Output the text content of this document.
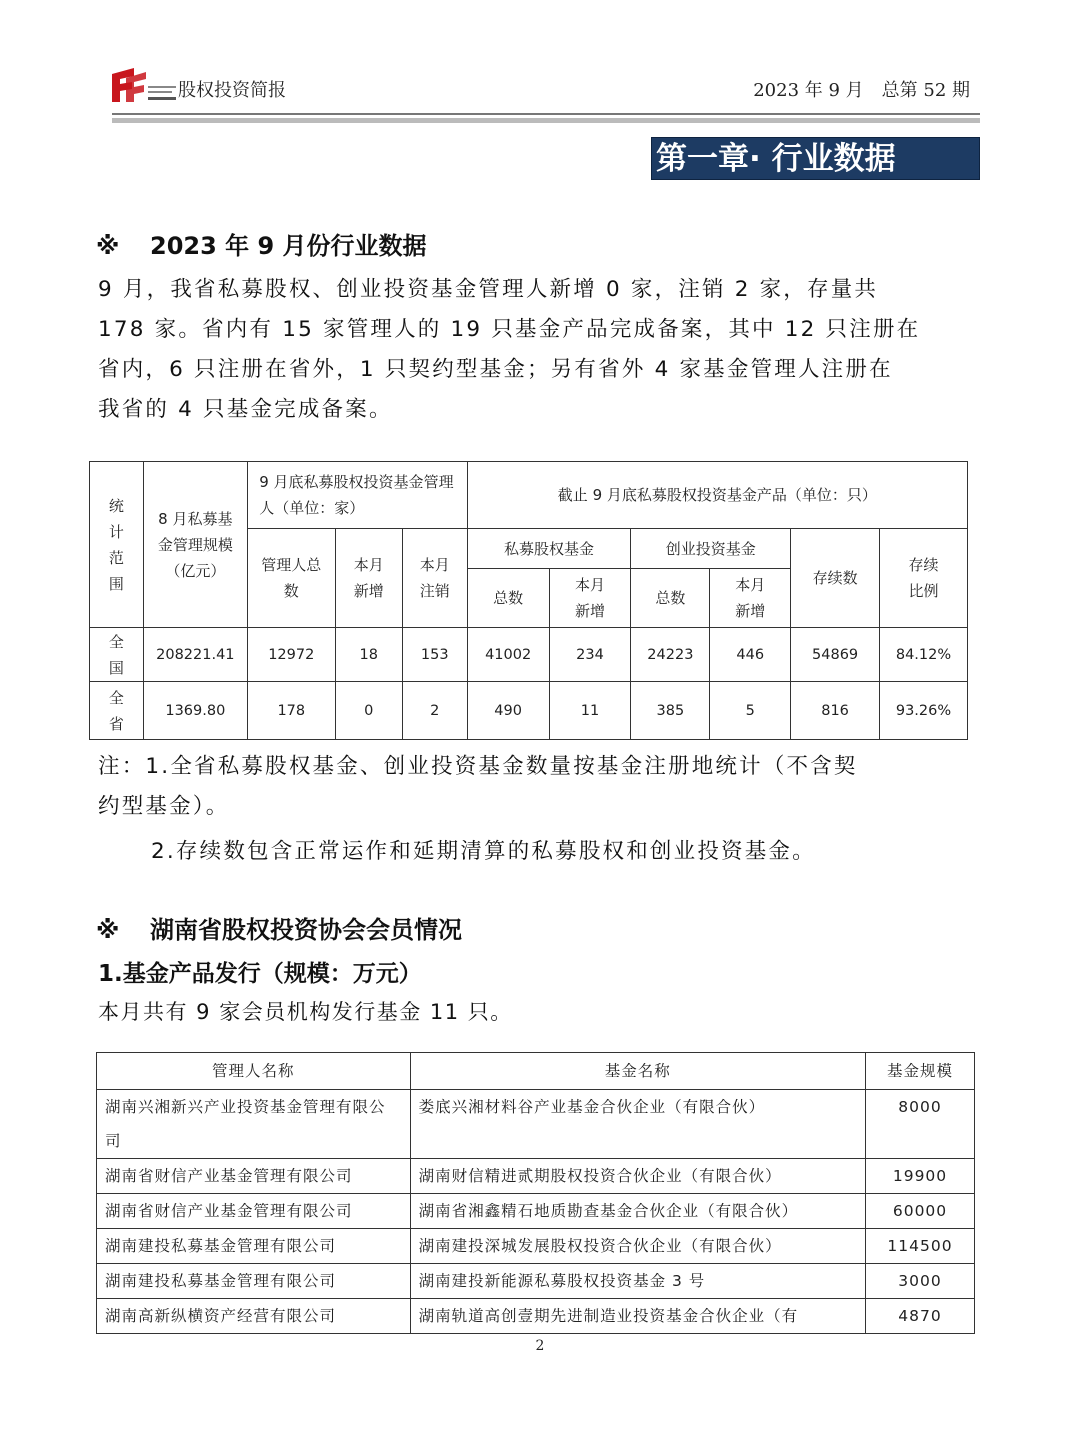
股权投资简报	2023 年 9 月　总第 52 期
第一章· 行业数据
※ 2023 年 9 月份行业数据
9 月，我省私募股权、创业投资基金管理人新增 0 家，注销 2 家，存量共
178 家。省内有 15 家管理人的 19 只基金产品完成备案，其中 12 只注册在
省内，6 只注册在省外，1 只契约型基金；另有省外 4 家基金管理人注册在
我省的 4 只基金完成备案。
统计范围	8 月私募基金管理规模（亿元）	9 月底私募股权投资基金管理人（单位：家）			截止 9 月底私募股权投资基金产品（单位：只）					

		管理人总数	本月新增	本月注销	私募股权基金		创业投资基金		存续数	存续比例

					总数	本月新增	总数	本月新增		

全国	208221.41	12972	18	153	41002	234	24223	446	54869	84.12%

全省	1369.80	178	0	2	490	11	385	5	816	93.26%
注：1.全省私募股权基金、创业投资基金数量按基金注册地统计（不含契
约型基金）。
2.存续数包含正常运作和延期清算的私募股权和创业投资基金。
※ 湖南省股权投资协会会员情况
1.基金产品发行（规模：万元）
本月共有 9 家会员机构发行基金 11 只。
管理人名称	基金名称	基金规模
湖南兴湘新兴产业投资基金管理有限公司	娄底兴湘材料谷产业基金合伙企业（有限合伙）	8000
湖南省财信产业基金管理有限公司	湖南财信精进贰期股权投资合伙企业（有限合伙）	19900
湖南省财信产业基金管理有限公司	湖南省湘鑫精石地质勘查基金合伙企业（有限合伙）	60000
湖南建投私募基金管理有限公司	湖南建投深城发展股权投资合伙企业（有限合伙）	114500
湖南建投私募基金管理有限公司	湖南建投新能源私募股权投资基金 3 号	3000
湖南高新纵横资产经营有限公司	湖南轨道高创壹期先进制造业投资基金合伙企业（有	4870
2
